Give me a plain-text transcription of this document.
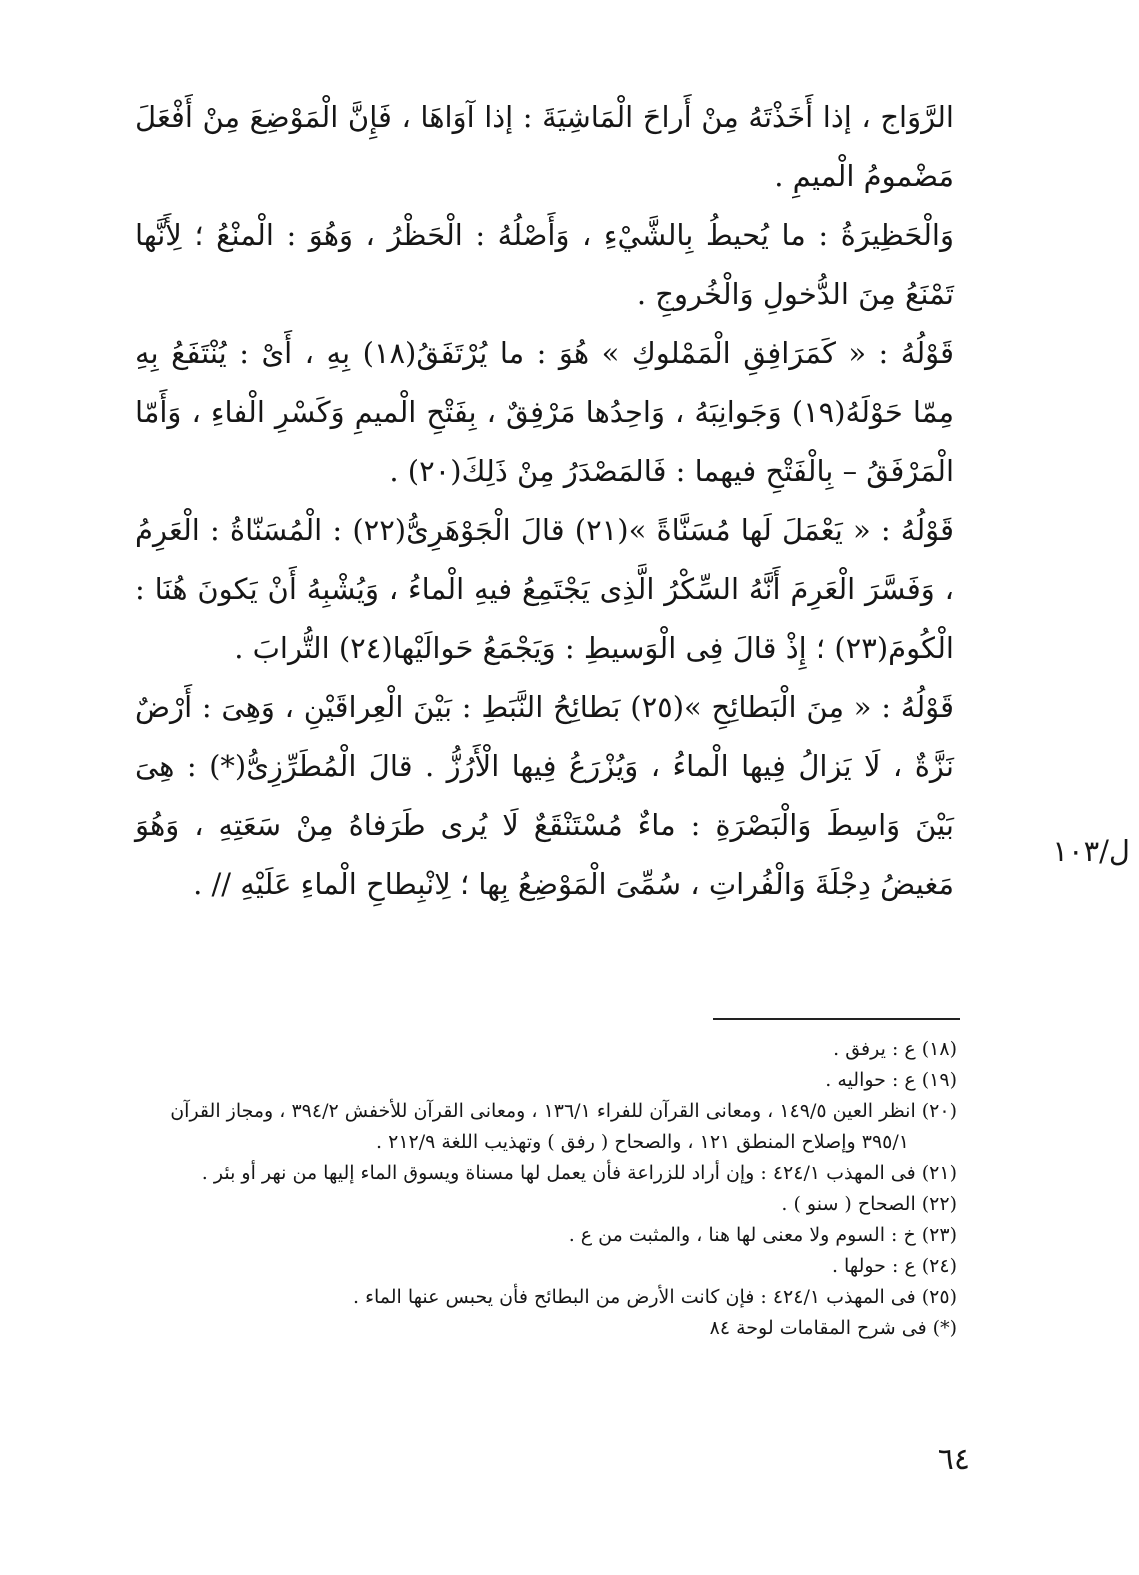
الرَّوَاج ، إذا أَخَذْتَهُ مِنْ أَراحَ الْمَاشِيَةَ : إذا آوَاهَا ، فَإِنَّ الْمَوْضِعَ مِنْ أَفْعَلَ مَضْمومُ الْميمِ .

وَالْحَظِيرَةُ : ما يُحيطُ بِالشَّيْءِ ، وَأَصْلُهُ : الْحَظْرُ ، وَهُوَ : الْمنْعُ ؛ لِأَنَّها تَمْنَعُ مِنَ الدُّخولِ وَالْخُروجِ .

قَوْلُهُ : « كَمَرَافِقِ الْمَمْلوكِ » هُوَ : ما يُرْتَفَقُ(١٨) بِهِ ، أَىْ : يُنْتَفَعُ بِهِ مِمّا حَوْلَهُ(١٩) وَجَوانِبَهُ ، وَاحِدُها مَرْفِقٌ ، بِفَتْحِ الْميمِ وَكَسْرِ الْفاءِ ، وَأَمّا الْمَرْفَقُ – بِالْفَتْحِ فيهما : فَالمَصْدَرُ مِنْ ذَلِكَ(٢٠) .

قَوْلُهُ : « يَعْمَلَ لَها مُسَنَّاةً »(٢١) قالَ الْجَوْهَرِىُّ(٢٢) : الْمُسَنّاةُ : الْعَرِمُ ، وَفَسَّرَ الْعَرِمَ أَنَّهُ السِّكْرُ الَّذِى يَجْتَمِعُ فيهِ الْماءُ ، وَيُشْبِهُ أَنْ يَكونَ هُنَا : الْكُومَ(٢٣) ؛ إِذْ قالَ فِى الْوَسيطِ : وَيَجْمَعُ حَوالَيْها(٢٤) التُّرابَ .

قَوْلُهُ : « مِنَ الْبَطائِحِ »(٢٥) بَطائِحُ النَّبَطِ : بَيْنَ الْعِراقَيْنِ ، وَهِىَ : أَرْضٌ نَزَّةٌ ، لَا يَزالُ فِيها الْماءُ ، وَيُزْرَعُ فِيها الْأَرُزُّ . قالَ الْمُطَرِّزِىُّ(*) : هِىَ بَيْنَ وَاسِطَ وَالْبَصْرَةِ : ماءٌ مُسْتَنْقَعٌ لَا يُرى طَرَفاهُ مِنْ سَعَتِهِ ، وَهُوَ مَغيضُ دِجْلَةَ وَالْفُراتِ ، سُمِّىَ الْمَوْضِعُ بِها ؛ لِانْبِطاحِ الْماءِ عَلَيْهِ // .

ل/١٠٣

(١٨)ع : يرفق .

(١٩)ع : حواليه .

(٢٠)انظر العين ١٤٩/٥ ، ومعانى القرآن للفراء ١٣٦/١ ، ومعانى القرآن للأخفش ٣٩٤/٢ ، ومجاز القرآن

٣٩٥/١ وإصلاح المنطق ١٢١ ، والصحاح ( رفق ) وتهذيب اللغة ٢١٢/٩ .

(٢١)فى المهذب ٤٢٤/١ : وإن أراد للزراعة فأن يعمل لها مسناة ويسوق الماء إليها من نهر أو بئر .

(٢٢)الصحاح ( سنو ) .

(٢٣)خ : السوم ولا معنى لها هنا ، والمثبت من ع .

(٢٤)ع : حولها .

(٢٥)فى المهذب ٤٢٤/١ : فإن كانت الأرض من البطائح فأن يحبس عنها الماء .

(*)فى شرح المقامات لوحة ٨٤

٦٤
